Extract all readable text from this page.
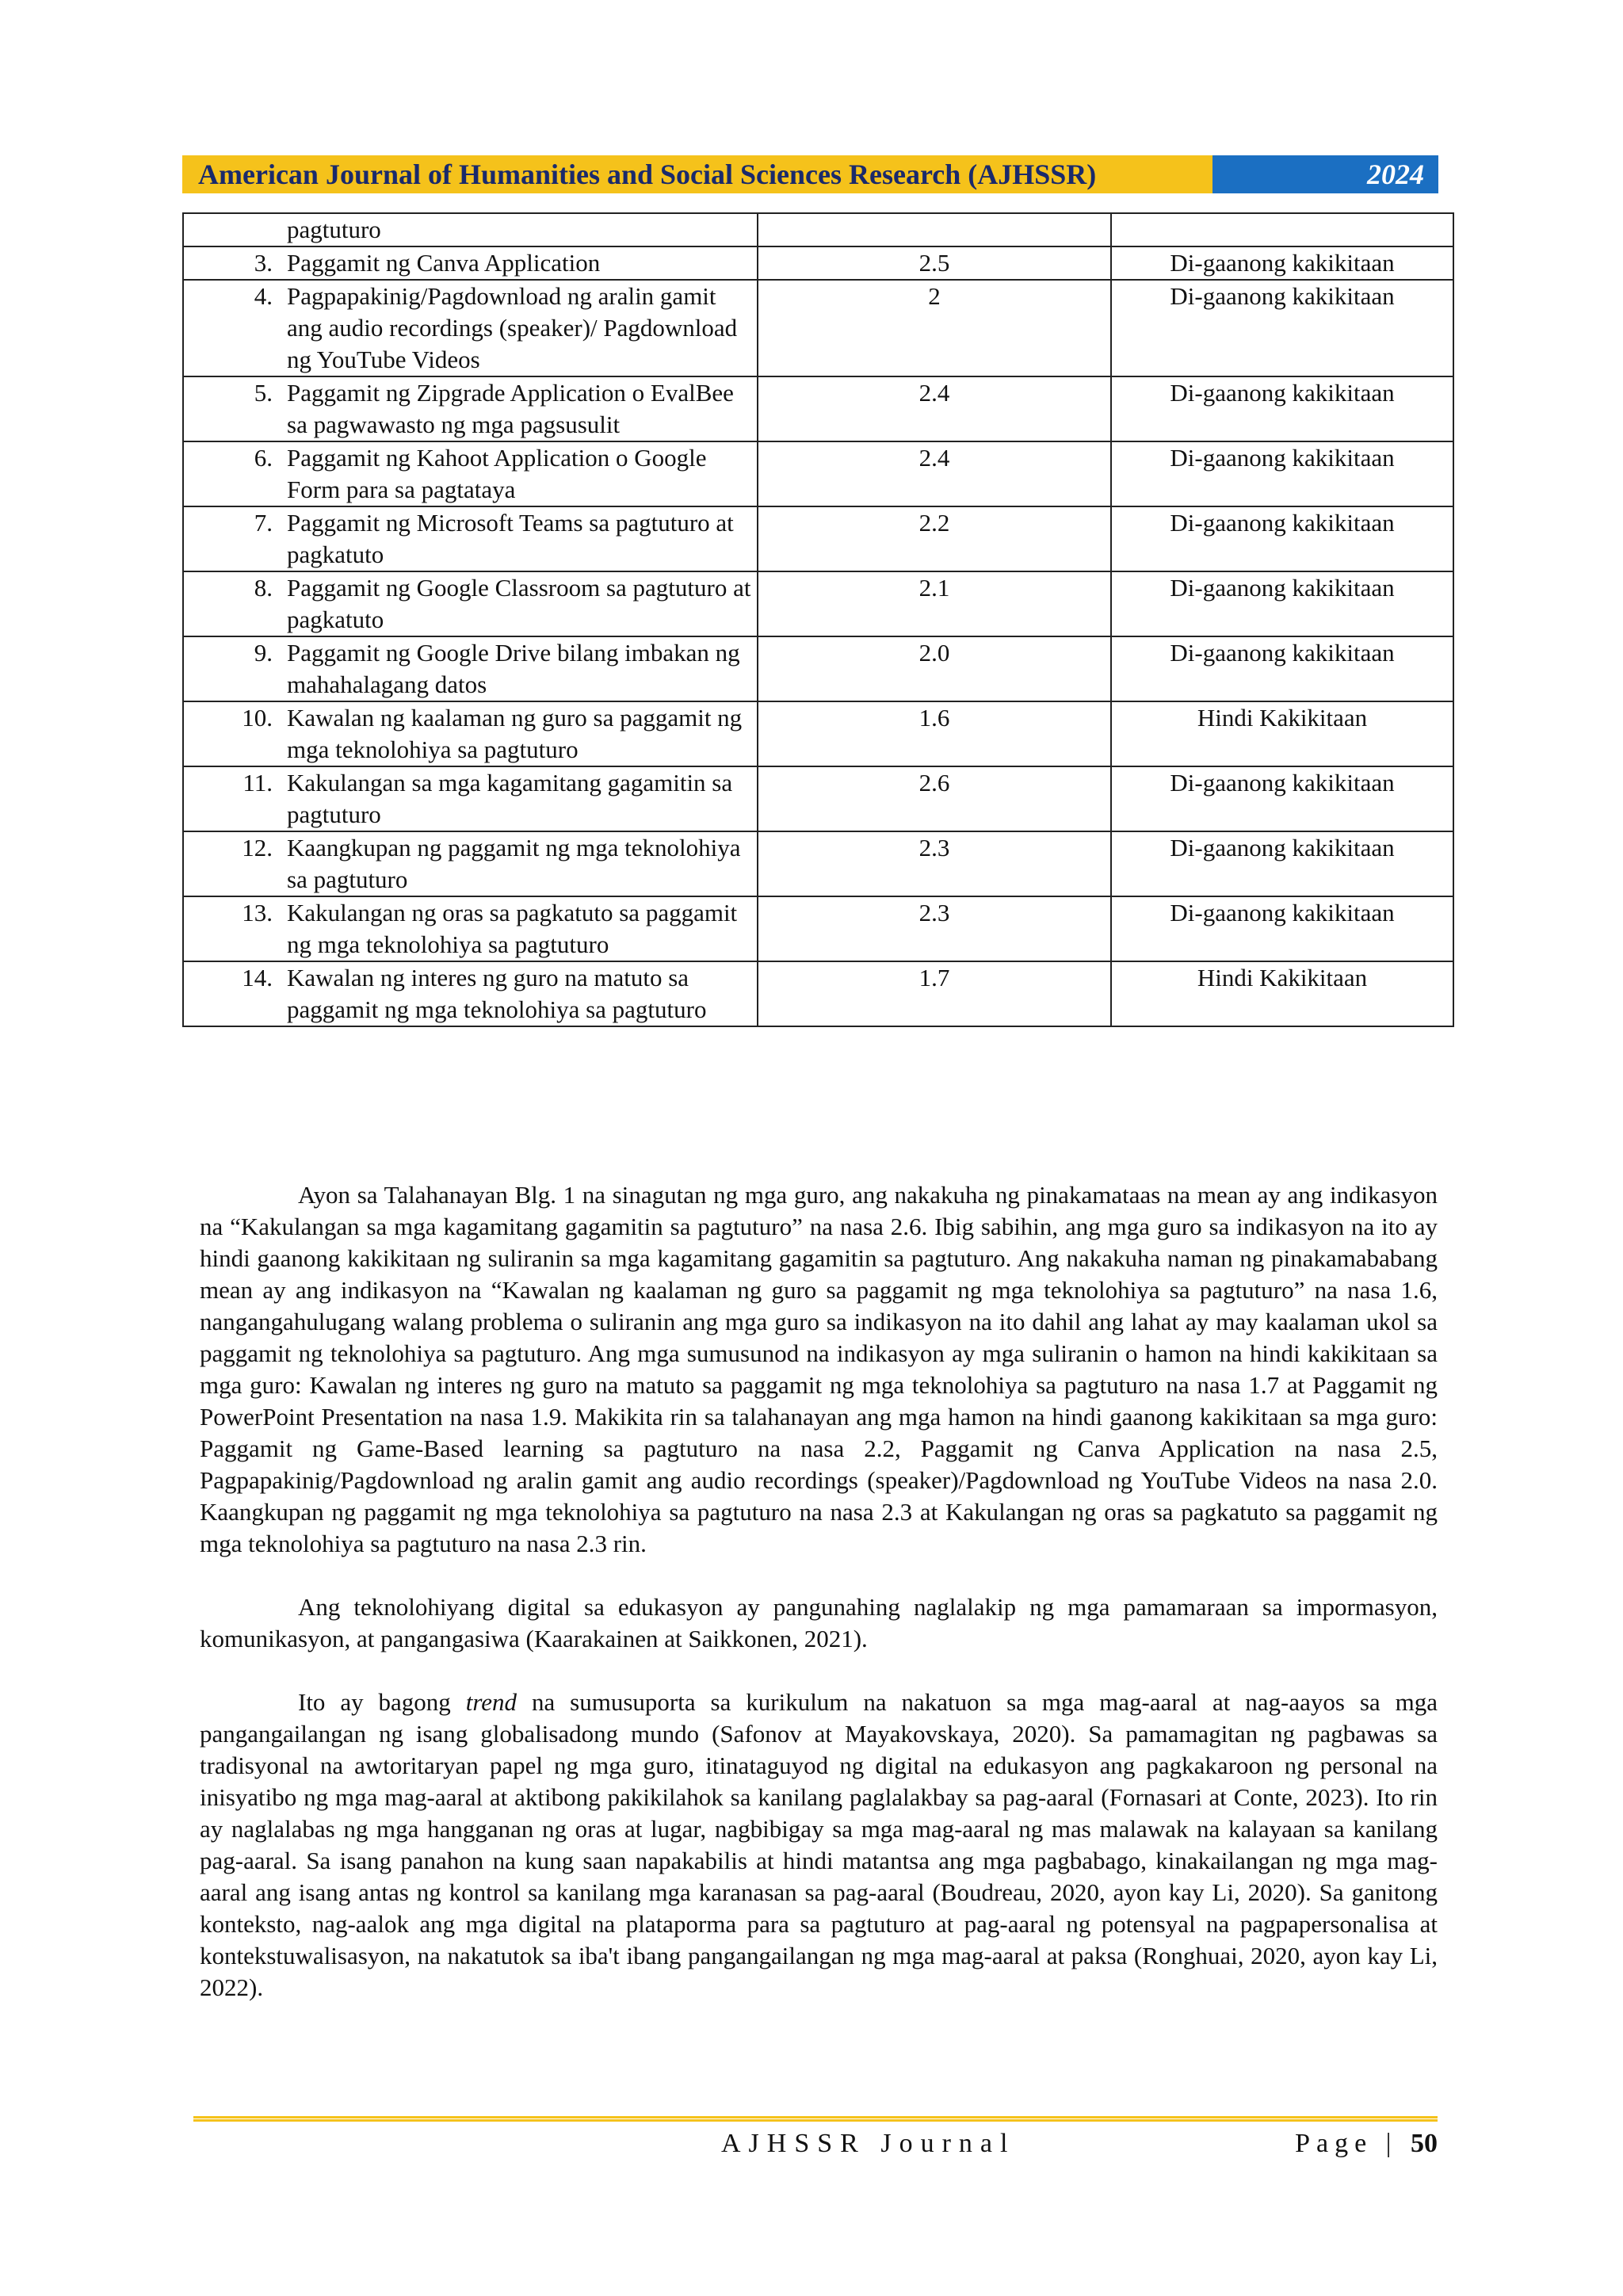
American Journal of Humanities and Social Sciences Research (AJHSSR)	2024
pagtuturo		

3. Paggamit ng Canva Application	2.5	Di-gaanong kakikitaan

4. Pagpapakinig/Pagdownload ng aralin gamit ang audio recordings (speaker)/ Pagdownload ng YouTube Videos	2	Di-gaanong kakikitaan

5. Paggamit ng Zipgrade Application o EvalBee sa pagwawasto ng mga pagsusulit	2.4	Di-gaanong kakikitaan

6. Paggamit ng Kahoot Application o Google Form para sa pagtataya	2.4	Di-gaanong kakikitaan

7. Paggamit ng Microsoft Teams sa pagtuturo at pagkatuto	2.2	Di-gaanong kakikitaan

8. Paggamit ng Google Classroom sa pagtuturo at pagkatuto	2.1	Di-gaanong kakikitaan

9. Paggamit ng Google Drive bilang imbakan ng mahahalagang datos	2.0	Di-gaanong kakikitaan

10. Kawalan ng kaalaman ng guro sa paggamit ng mga teknolohiya sa pagtuturo	1.6	Hindi Kakikitaan

11. Kakulangan sa mga kagamitang gagamitin sa pagtuturo	2.6	Di-gaanong kakikitaan

12. Kaangkupan ng paggamit ng mga teknolohiya sa pagtuturo	2.3	Di-gaanong kakikitaan

13. Kakulangan ng oras sa pagkatuto sa paggamit ng mga teknolohiya sa pagtuturo	2.3	Di-gaanong kakikitaan

14. Kawalan ng interes ng guro na matuto sa paggamit ng mga teknolohiya sa pagtuturo	1.7	Hindi Kakikitaan

Ayon sa Talahanayan Blg. 1 na sinagutan ng mga guro, ang nakakuha ng pinakamataas na mean ay ang indikasyon na “Kakulangan sa mga kagamitang gagamitin sa pagtuturo” na nasa 2.6. Ibig sabihin, ang mga guro sa indikasyon na ito ay hindi gaanong kakikitaan ng suliranin sa mga kagamitang gagamitin sa pagtuturo. Ang nakakuha naman ng pinakamababang mean ay ang indikasyon na “Kawalan ng kaalaman ng guro sa paggamit ng mga teknolohiya sa pagtuturo” na nasa 1.6, nangangahulugang walang problema o suliranin ang mga guro sa indikasyon na ito dahil ang lahat ay may kaalaman ukol sa paggamit ng teknolohiya sa pagtuturo. Ang mga sumusunod na indikasyon ay mga suliranin o hamon na hindi kakikitaan sa mga guro: Kawalan ng interes ng guro na matuto sa paggamit ng mga teknolohiya sa pagtuturo na nasa 1.7 at Paggamit ng PowerPoint Presentation na nasa 1.9. Makikita rin sa talahanayan ang mga hamon na hindi gaanong kakikitaan sa mga guro: Paggamit ng Game-Based learning sa pagtuturo na nasa 2.2, Paggamit ng Canva Application na nasa 2.5, Pagpapakinig/Pagdownload ng aralin gamit ang audio recordings (speaker)/Pagdownload ng YouTube Videos na nasa 2.0. Kaangkupan ng paggamit ng mga teknolohiya sa pagtuturo na nasa 2.3 at Kakulangan ng oras sa pagkatuto sa paggamit ng mga teknolohiya sa pagtuturo na nasa 2.3 rin.

Ang teknolohiyang digital sa edukasyon ay pangunahing naglalakip ng mga pamamaraan sa impormasyon, komunikasyon, at pangangasiwa (Kaarakainen at Saikkonen, 2021).

Ito ay bagong trend na sumusuporta sa kurikulum na nakatuon sa mga mag-aaral at nag-aayos sa mga pangangailangan ng isang globalisadong mundo (Safonov at Mayakovskaya, 2020). Sa pamamagitan ng pagbawas sa tradisyonal na awtoritaryan papel ng mga guro, itinataguyod ng digital na edukasyon ang pagkakaroon ng personal na inisyatibo ng mga mag-aaral at aktibong pakikilahok sa kanilang paglalakbay sa pag-aaral (Fornasari at Conte, 2023). Ito rin ay naglalabas ng mga hangganan ng oras at lugar, nagbibigay sa mga mag-aaral ng mas malawak na kalayaan sa kanilang pag-aaral. Sa isang panahon na kung saan napakabilis at hindi matantsa ang mga pagbabago, kinakailangan ng mga mag-aaral ang isang antas ng kontrol sa kanilang mga karanasan sa pag-aaral (Boudreau, 2020, ayon kay Li, 2020). Sa ganitong konteksto, nag-aalok ang mga digital na plataporma para sa pagtuturo at pag-aaral ng potensyal na pagpapersonalisa at kontekstuwalisasyon, na nakatutok sa iba't ibang pangangailangan ng mga mag-aaral at paksa (Ronghuai, 2020, ayon kay Li, 2022).

AJHSSR Journal	Page | 50
